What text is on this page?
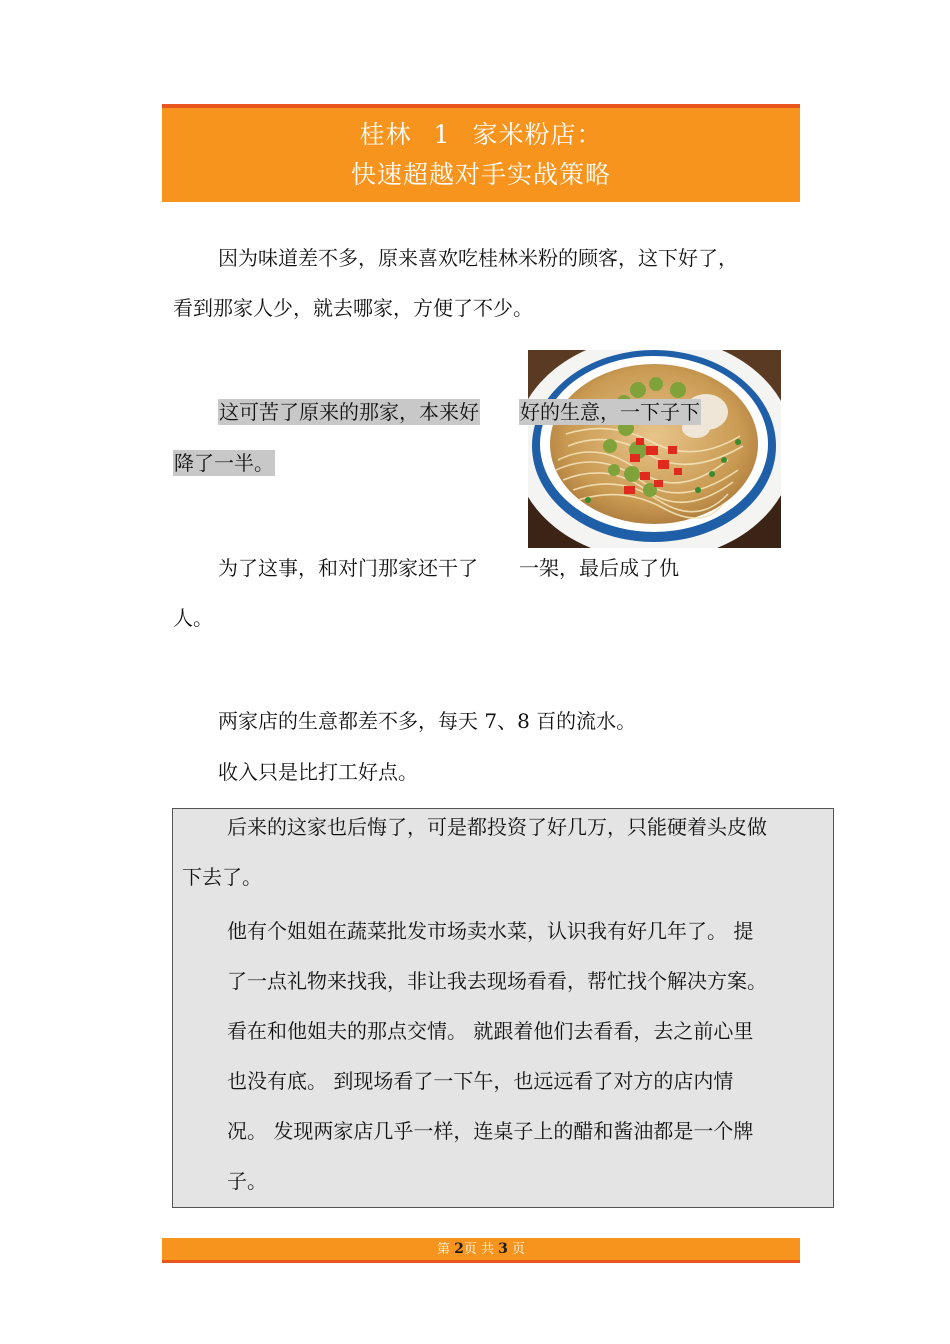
桂林 1 家米粉店：
快速超越对手实战策略
因为味道差不多，原来喜欢吃桂林米粉的顾客，这下好了，
看到那家人少，就去哪家，方便了不少。
这可苦了原来的那家，本来好 好的生意，一下子下
降了一半。
为了这事，和对门那家还干了 一架，最后成了仇
人。
两家店的生意都差不多，每天 7、8 百的流水。
收入只是比打工好点。
后来的这家也后悔了，可是都投资了好几万，只能硬着头皮做
下去了。
他有个姐姐在蔬菜批发市场卖水菜，认识我有好几年了。 提
了一点礼物来找我，非让我去现场看看，帮忙找个解决方案。
看在和他姐夫的那点交情。 就跟着他们去看看，去之前心里
也没有底。 到现场看了一下午，也远远看了对方的店内情
况。 发现两家店几乎一样，连桌子上的醋和酱油都是一个牌
子。
第 2页 共 3 页
